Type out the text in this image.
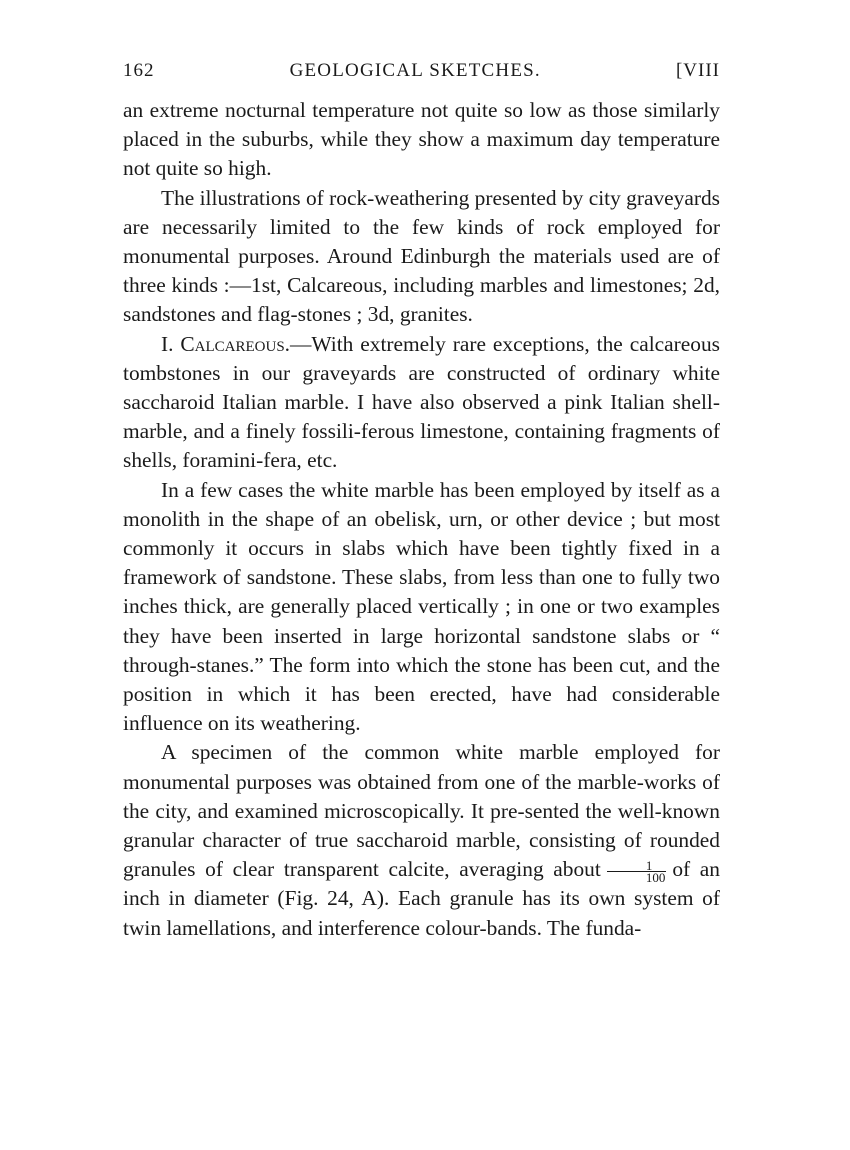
162	GEOLOGICAL SKETCHES.	[VIII

an extreme nocturnal temperature not quite so low as those similarly placed in the suburbs, while they show a maximum day temperature not quite so high.

The illustrations of rock-weathering presented by city graveyards are necessarily limited to the few kinds of rock employed for monumental purposes. Around Edinburgh the materials used are of three kinds :—1st, Calcareous, including marbles and limestones; 2d, sandstones and flag-stones ; 3d, granites.

I. Calcareous.—With extremely rare exceptions, the calcareous tombstones in our graveyards are constructed of ordinary white saccharoid Italian marble. I have also observed a pink Italian shell-marble, and a finely fossili-ferous limestone, containing fragments of shells, foramini-fera, etc.

In a few cases the white marble has been employed by itself as a monolith in the shape of an obelisk, urn, or other device ; but most commonly it occurs in slabs which have been tightly fixed in a framework of sandstone. These slabs, from less than one to fully two inches thick, are generally placed vertically ; in one or two examples they have been inserted in large horizontal sandstone slabs or “ through-stanes.” The form into which the stone has been cut, and the position in which it has been erected, have had considerable influence on its weathering.

A specimen of the common white marble employed for monumental purposes was obtained from one of the marble-works of the city, and examined microscopically. It pre-sented the well-known granular character of true saccharoid marble, consisting of rounded granules of clear transparent calcite, averaging about $\frac{1}{100}$ of an inch in diameter (Fig. 24, A). Each granule has its own system of twin lamellations, and interference colour-bands. The funda-
